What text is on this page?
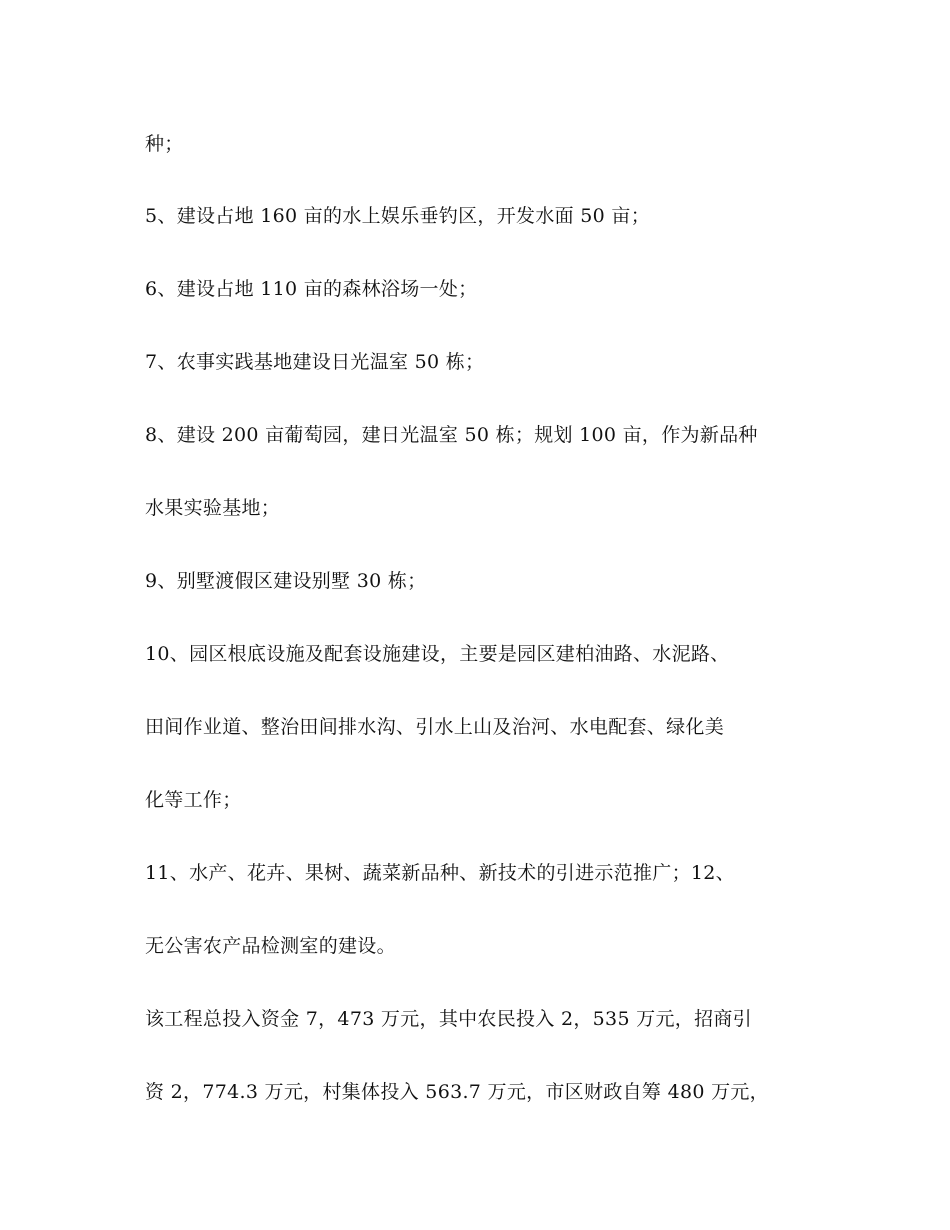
种；
5、建设占地 160 亩的水上娱乐垂钓区，开发水面 50 亩；
6、建设占地 110 亩的森林浴场一处；
7、农事实践基地建设日光温室 50 栋；
8、建设 200 亩葡萄园，建日光温室 50 栋；规划 100 亩，作为新品种
水果实验基地；
9、别墅渡假区建设别墅 30 栋；
10、园区根底设施及配套设施建设，主要是园区建柏油路、水泥路、
田间作业道、整治田间排水沟、引水上山及治河、水电配套、绿化美
化等工作；
11、水产、花卉、果树、蔬菜新品种、新技术的引进示范推广；12、
无公害农产品检测室的建设。
该工程总投入资金 7，473 万元，其中农民投入 2，535 万元，招商引
资 2，774.3 万元，村集体投入 563.7 万元，市区财政自筹 480 万元，
